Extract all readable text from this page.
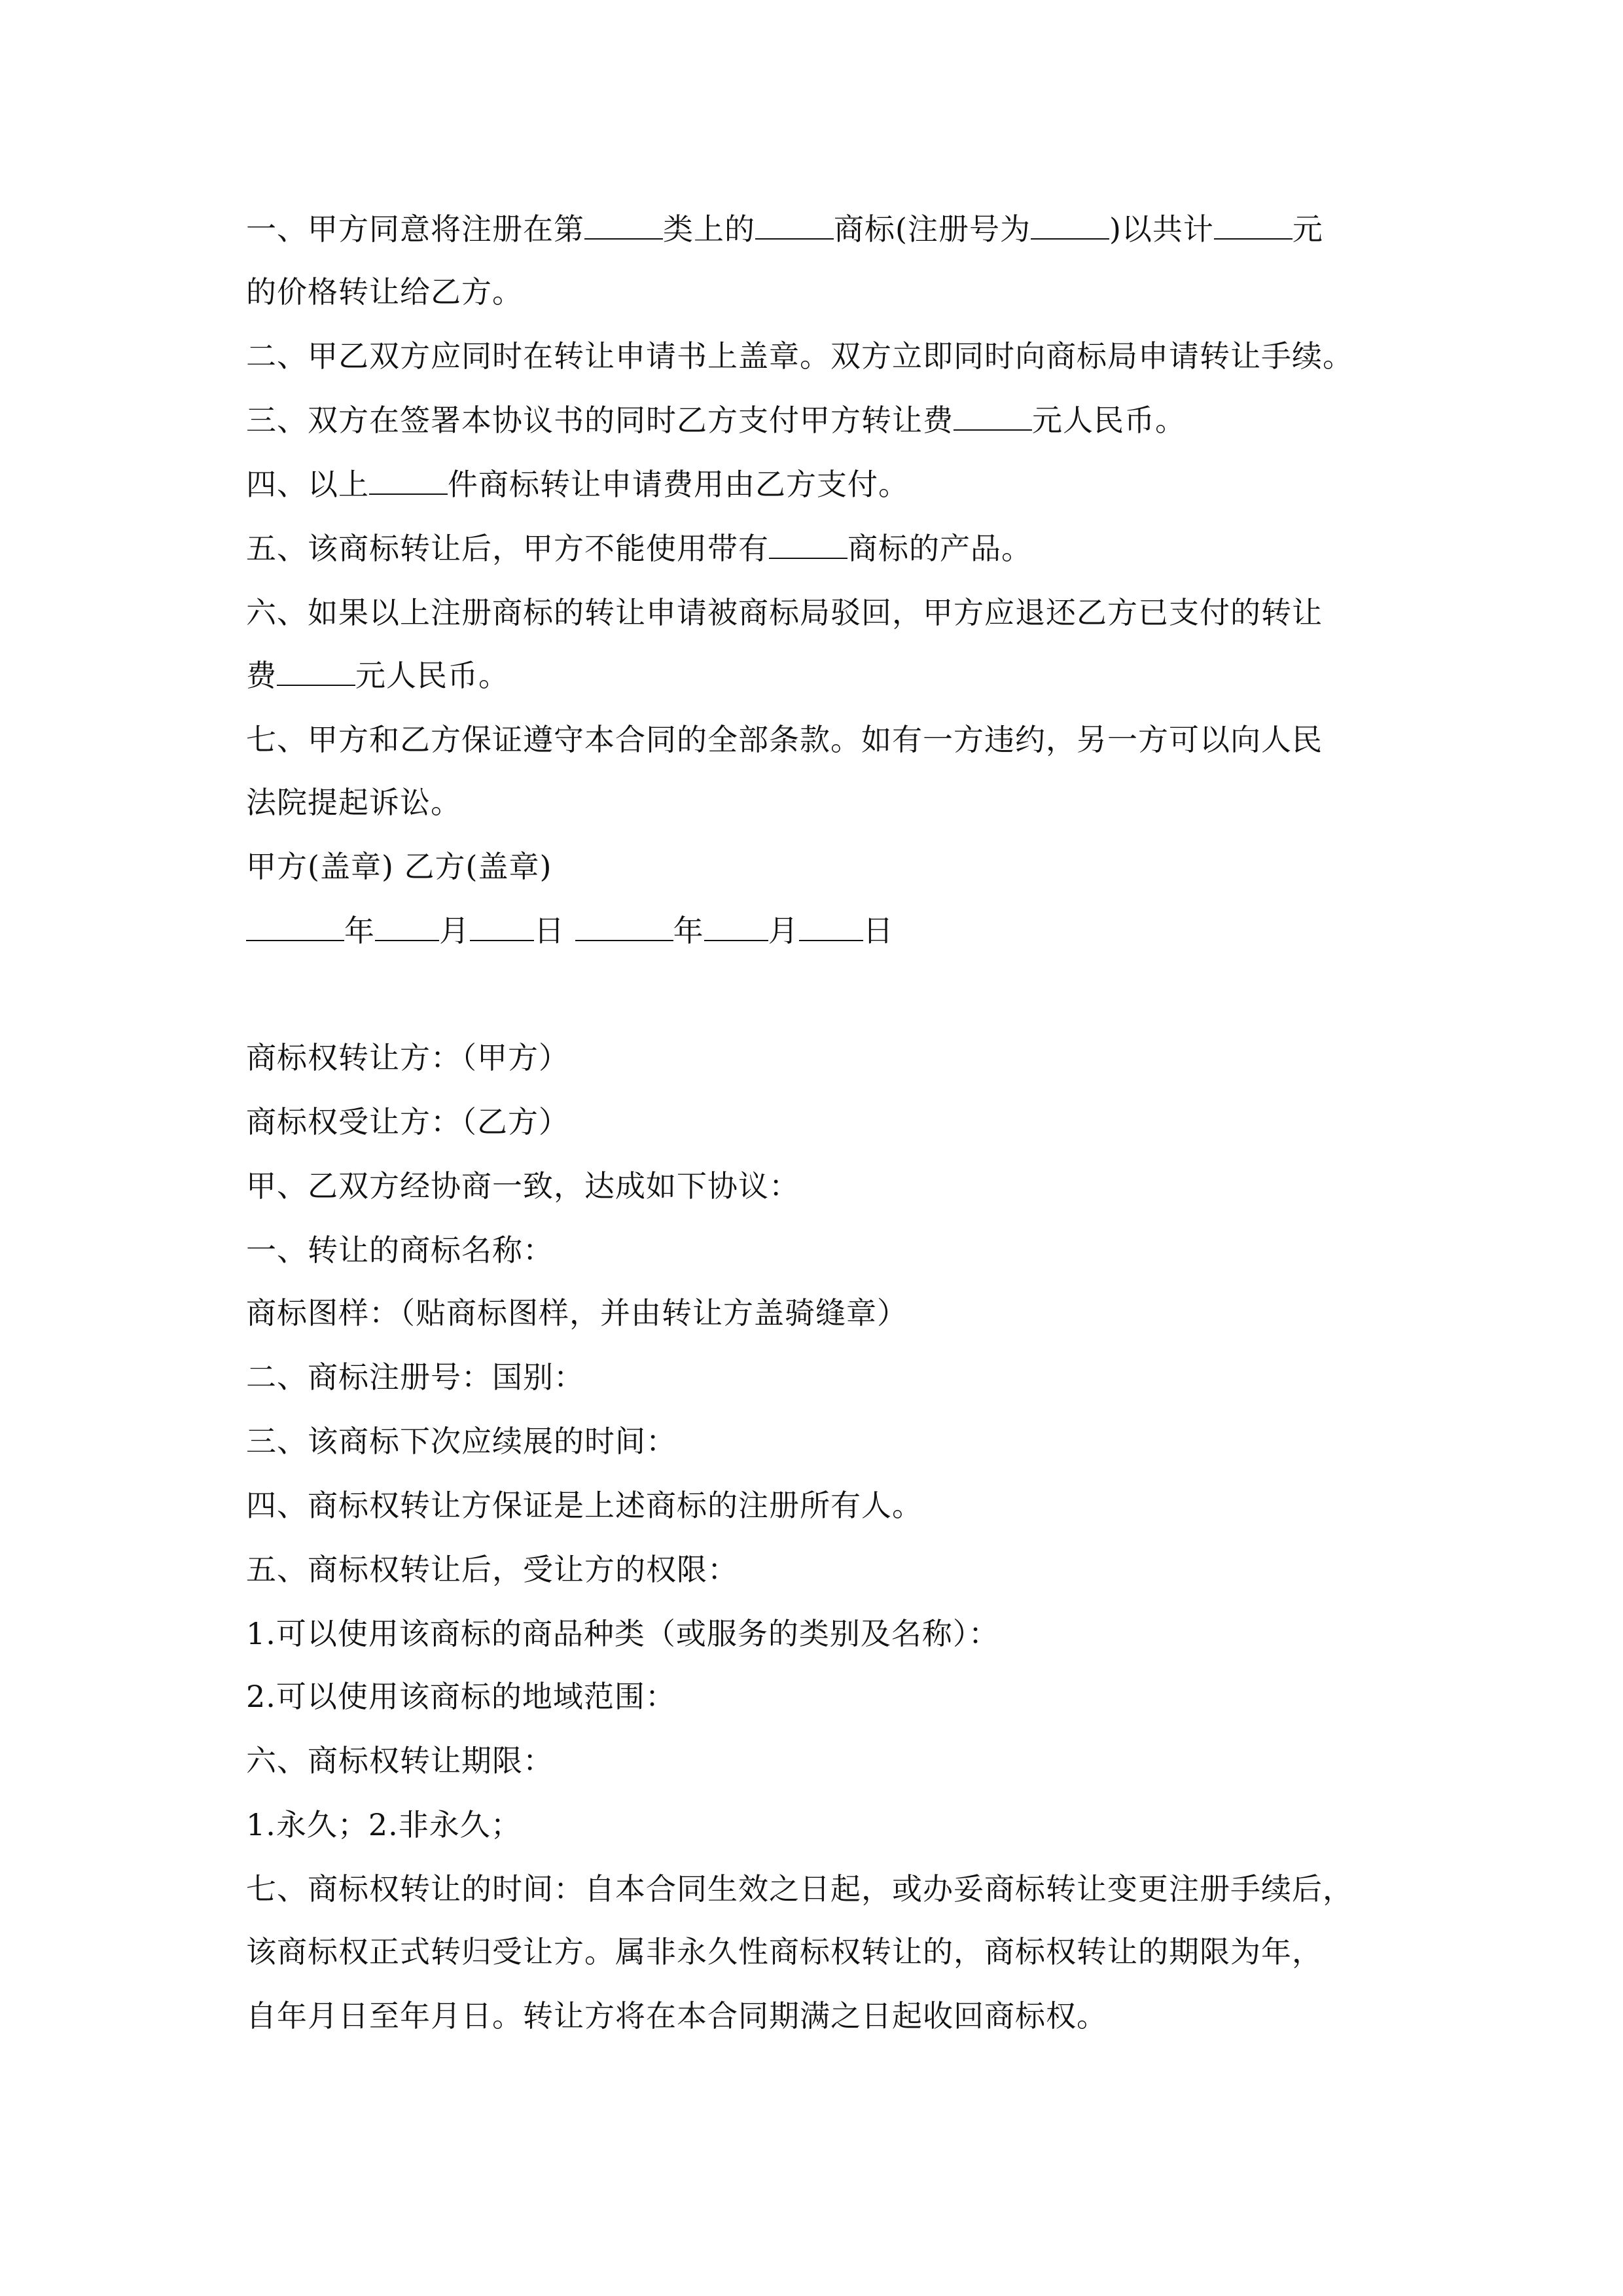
一、甲方同意将注册在第	类上的	商标(注册号为	)以共计	元
的价格转让给乙方。
二、甲乙双方应同时在转让申请书上盖章。双方立即同时向商标局申请转让手续。
三、双方在签署本协议书的同时乙方支付甲方转让费	元人民币。
四、以上	件商标转让申请费用由乙方支付。
五、该商标转让后，甲方不能使用带有	商标的产品。
六、如果以上注册商标的转让申请被商标局驳回，甲方应退还乙方已支付的转让
费	元人民币。
七、甲方和乙方保证遵守本合同的全部条款。如有一方违约，另一方可以向人民
法院提起诉讼。
甲方(盖章) 乙方(盖章)
年 月 日	年 月 日
商标权转让方：（甲方）
商标权受让方：（乙方）
甲、乙双方经协商一致，达成如下协议：
一、转让的商标名称：
商标图样：（贴商标图样，并由转让方盖骑缝章）
二、商标注册号：国别：
三、该商标下次应续展的时间：
四、商标权转让方保证是上述商标的注册所有人。
五、商标权转让后，受让方的权限：
1.可以使用该商标的商品种类（或服务的类别及名称）：
2.可以使用该商标的地域范围：
六、商标权转让期限：
1.永久；2.非永久；
七、商标权转让的时间：自本合同生效之日起，或办妥商标转让变更注册手续后，
该商标权正式转归受让方。属非永久性商标权转让的，商标权转让的期限为年，
自年月日至年月日。转让方将在本合同期满之日起收回商标权。
